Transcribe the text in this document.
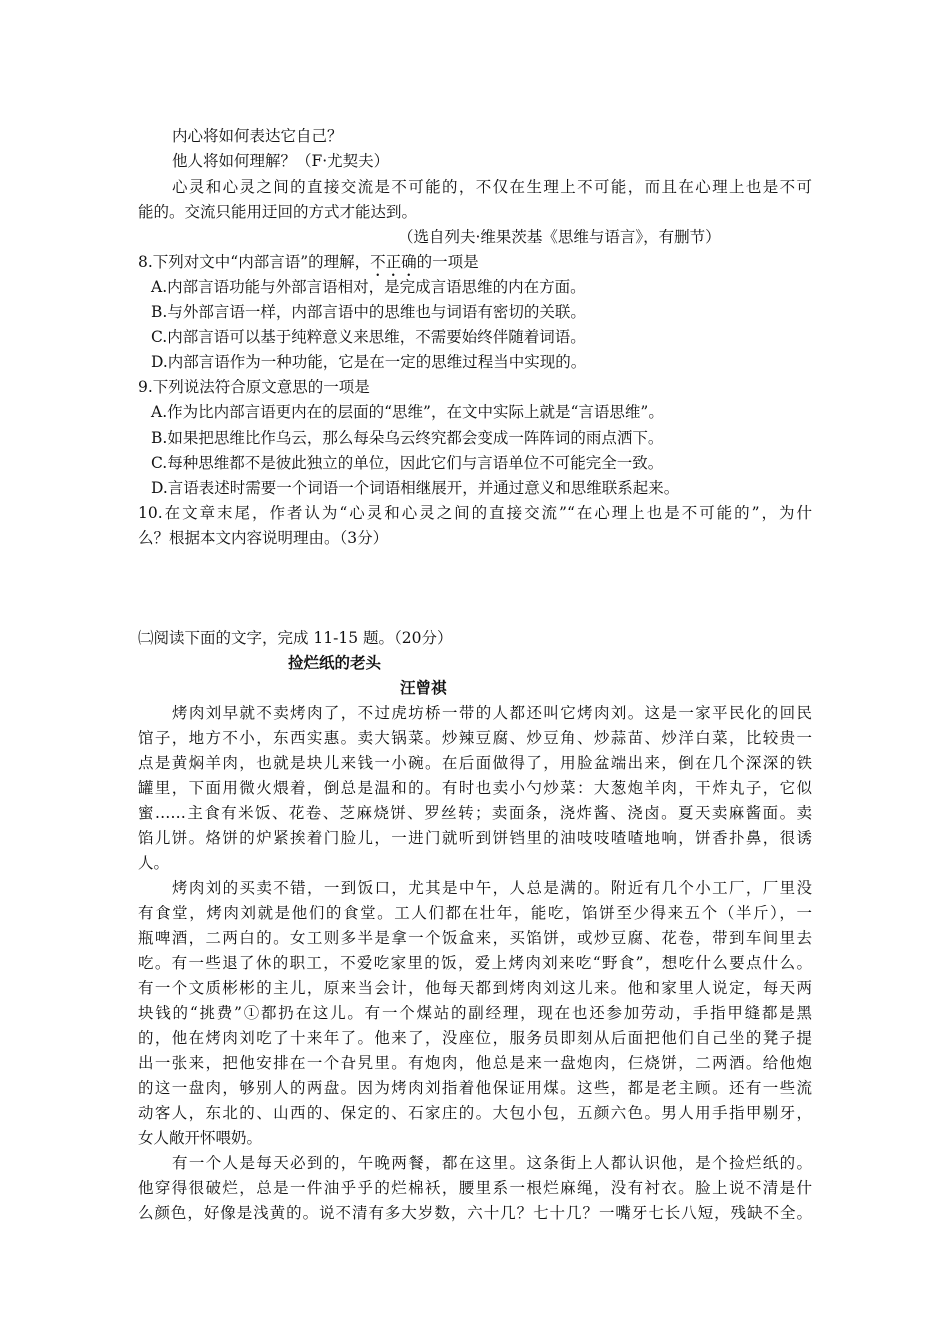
内心将如何表达它自己？
他人将如何理解？（F·尤契夫）
心灵和心灵之间的直接交流是不可能的，不仅在生理上不可能，而且在心理上也是不可
能的。交流只能用迂回的方式才能达到。
（选自列夫·维果茨基《思维与语言》，有删节）
8.下列对文中“内部言语”的理解，不正确的一项是
A.内部言语功能与外部言语相对，是完成言语思维的内在方面。
B.与外部言语一样，内部言语中的思维也与词语有密切的关联。
C.内部言语可以基于纯粹意义来思维，不需要始终伴随着词语。
D.内部言语作为一种功能，它是在一定的思维过程当中实现的。
9.下列说法符合原文意思的一项是
A.作为比内部言语更内在的层面的“思维”，在文中实际上就是“言语思维”。
B.如果把思维比作乌云，那么每朵乌云终究都会变成一阵阵词的雨点洒下。
C.每种思维都不是彼此独立的单位，因此它们与言语单位不可能完全一致。
D.言语表述时需要一个词语一个词语相继展开，并通过意义和思维联系起来。
10.在文章末尾，作者认为“心灵和心灵之间的直接交流”“在心理上也是不可能的”，为什
么？根据本文内容说明理由。（3分）
㈡阅读下面的文字，完成 11-15 题。（20分）
捡烂纸的老头
汪曾祺
烤肉刘早就不卖烤肉了，不过虎坊桥一带的人都还叫它烤肉刘。这是一家平民化的回民
馆子，地方不小，东西实惠。卖大锅菜。炒辣豆腐、炒豆角、炒蒜苗、炒洋白菜，比较贵一
点是黄焖羊肉，也就是块儿来钱一小碗。在后面做得了，用脸盆端出来，倒在几个深深的铁
罐里，下面用微火煨着，倒总是温和的。有时也卖小勺炒菜：大葱炮羊肉，干炸丸子，它似
蜜……主食有米饭、花卷、芝麻烧饼、罗丝转；卖面条，浇炸酱、浇卤。夏天卖麻酱面。卖
馅儿饼。烙饼的炉紧挨着门脸儿，一进门就听到饼铛里的油吱吱喳喳地响，饼香扑鼻，很诱
人。
烤肉刘的买卖不错，一到饭口，尤其是中午，人总是满的。附近有几个小工厂，厂里没
有食堂，烤肉刘就是他们的食堂。工人们都在壮年，能吃，馅饼至少得来五个（半斤），一
瓶啤酒，二两白的。女工则多半是拿一个饭盒来，买馅饼，或炒豆腐、花卷，带到车间里去
吃。有一些退了休的职工，不爱吃家里的饭，爱上烤肉刘来吃“野食”，想吃什么要点什么。
有一个文质彬彬的主儿，原来当会计，他每天都到烤肉刘这儿来。他和家里人说定，每天两
块钱的“挑费”①都扔在这儿。有一个煤站的副经理，现在也还参加劳动，手指甲缝都是黑
的，他在烤肉刘吃了十来年了。他来了，没座位，服务员即刻从后面把他们自己坐的凳子提
出一张来，把他安排在一个旮旯里。有炮肉，他总是来一盘炮肉，仨烧饼，二两酒。给他炮
的这一盘肉，够别人的两盘。因为烤肉刘指着他保证用煤。这些，都是老主顾。还有一些流
动客人，东北的、山西的、保定的、石家庄的。大包小包，五颜六色。男人用手指甲剔牙，
女人敞开怀喂奶。
有一个人是每天必到的，午晚两餐，都在这里。这条街上人都认识他，是个捡烂纸的。
他穿得很破烂，总是一件油乎乎的烂棉袄，腰里系一根烂麻绳，没有衬衣。脸上说不清是什
么颜色，好像是浅黄的。说不清有多大岁数，六十几？七十几？一嘴牙七长八短，残缺不全。
